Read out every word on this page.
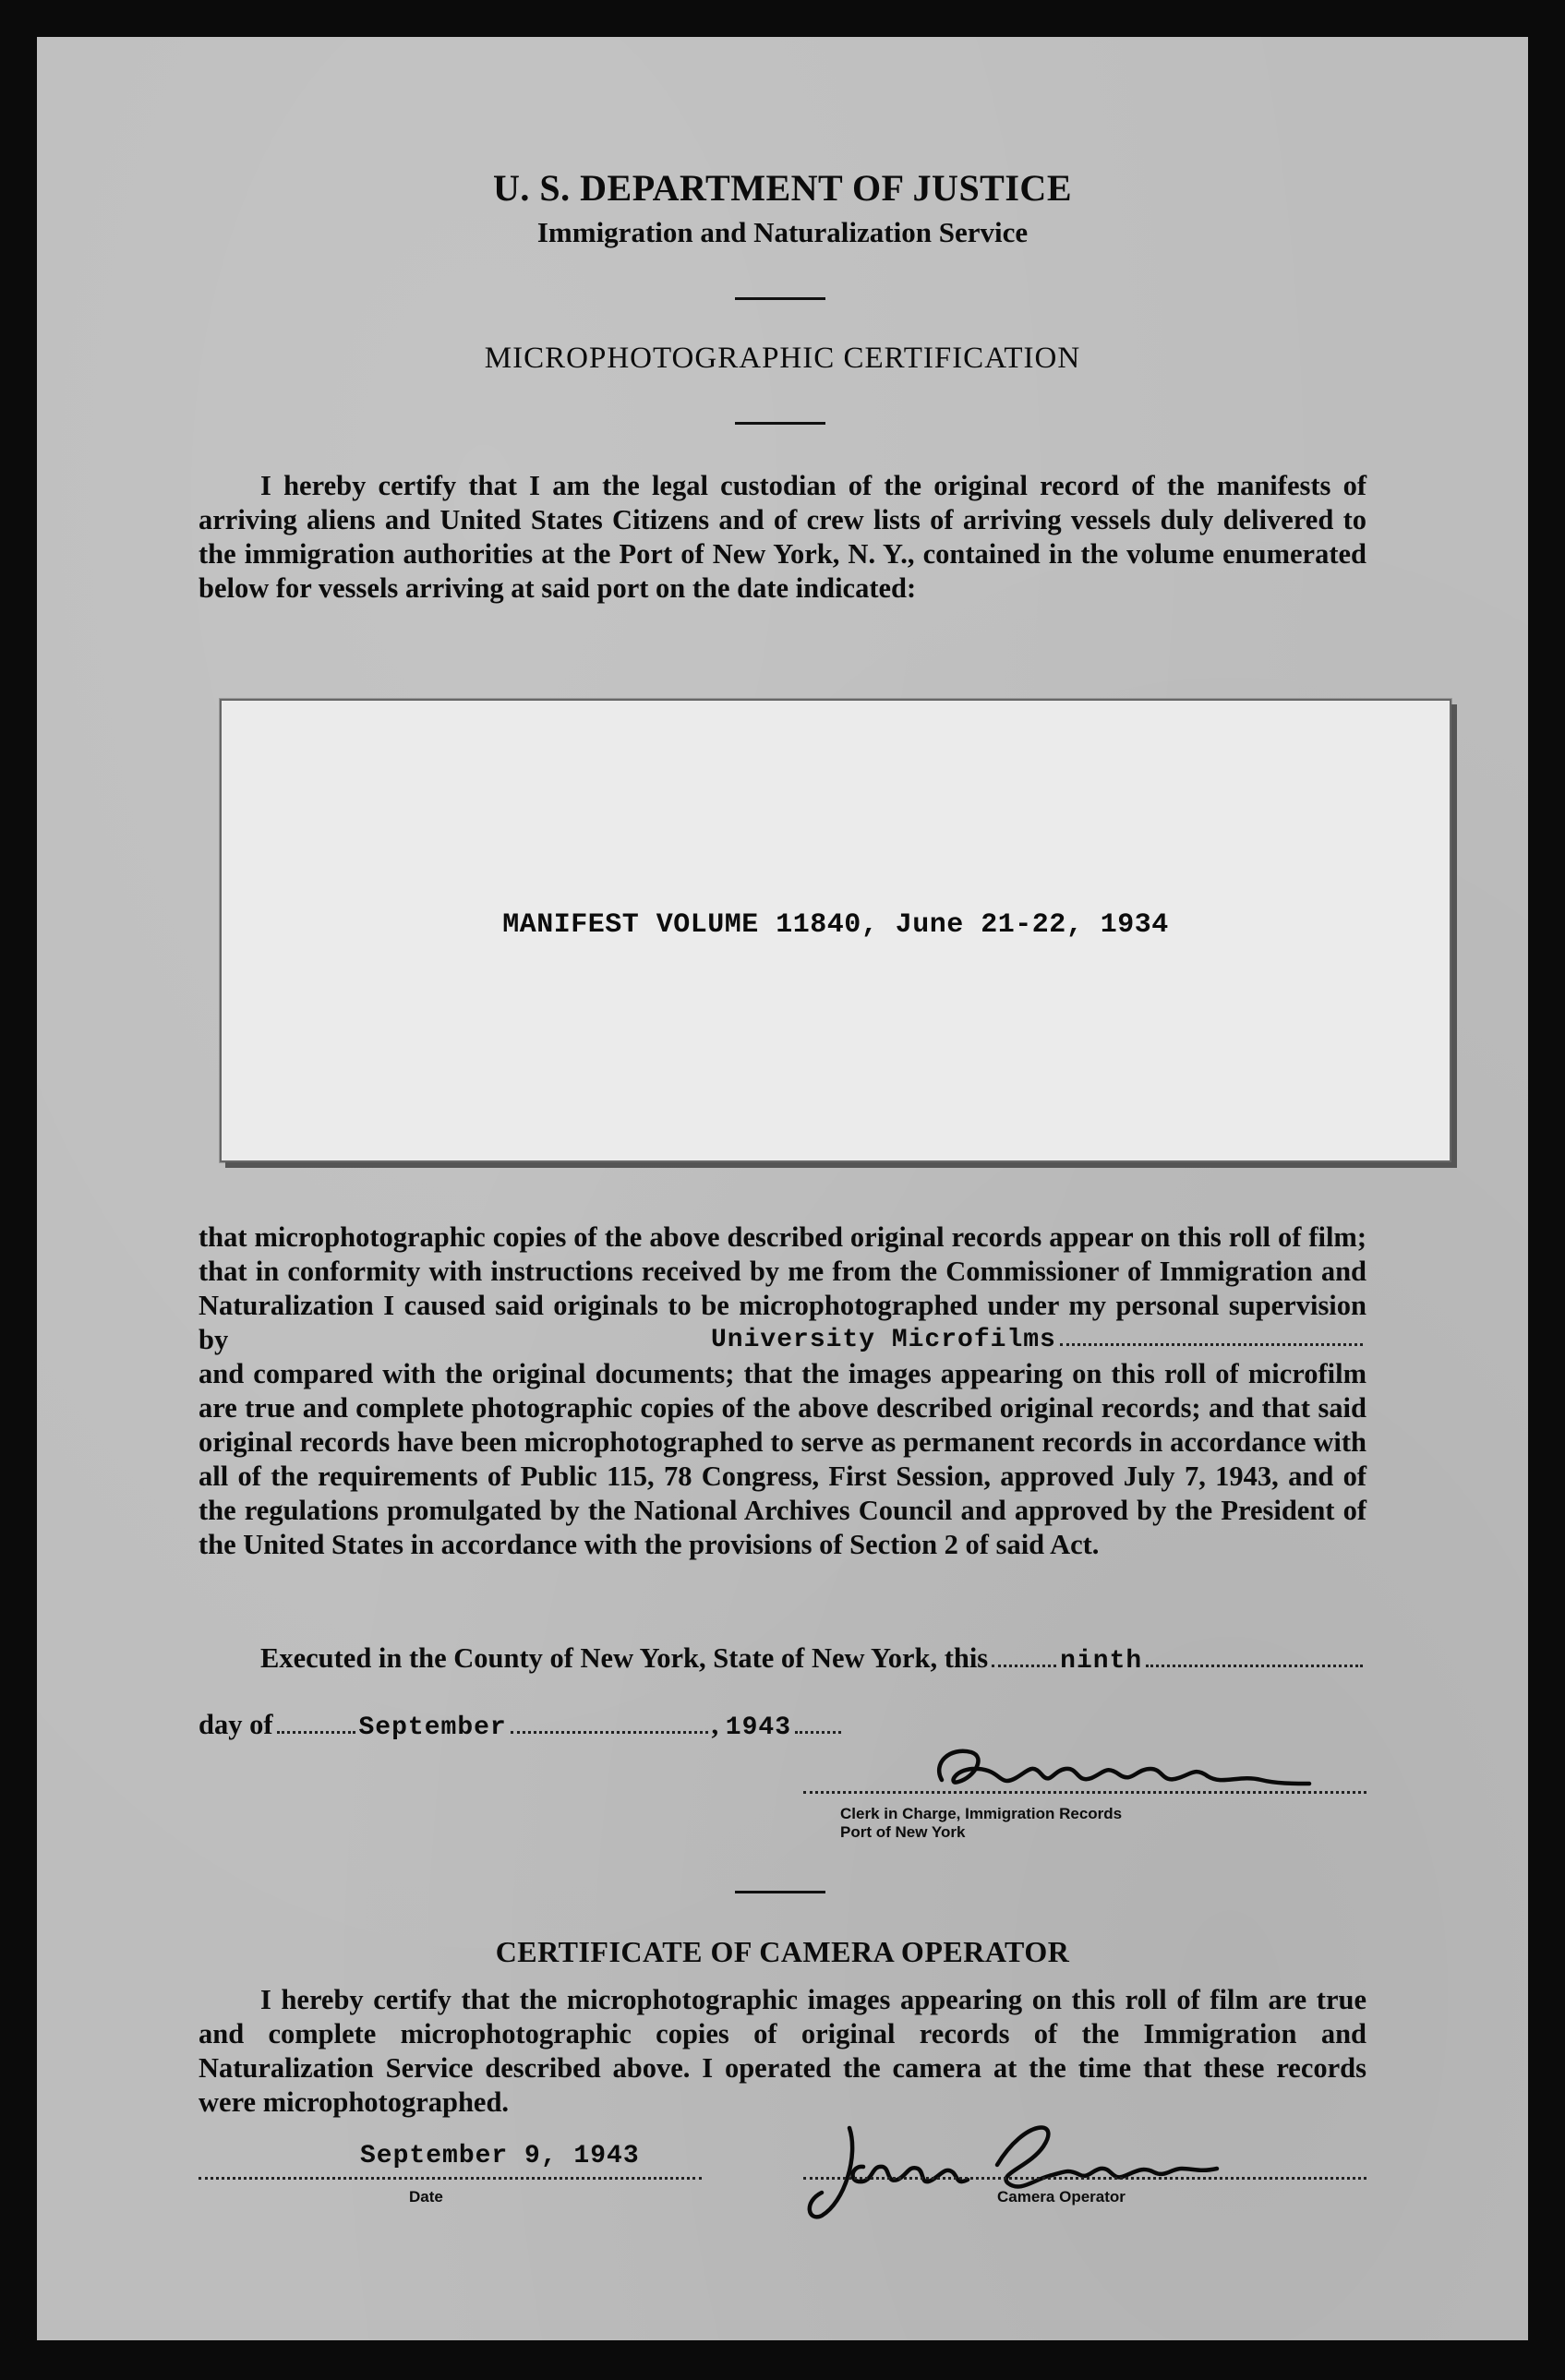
U. S. DEPARTMENT OF JUSTICE
Immigration and Naturalization Service
MICROPHOTOGRAPHIC CERTIFICATION
I hereby certify that I am the legal custodian of the original record of the manifests of arriving aliens and United States Citizens and of crew lists of arriving vessels duly delivered to the immigration authorities at the Port of New York, N. Y., contained in the volume enumerated below for vessels arriving at said port on the date indicated:
MANIFEST VOLUME 11840, June 21-22, 1934
that microphotographic copies of the above described original records appear on this roll of film; that in conformity with instructions received by me from the Commissioner of Immigration and Naturalization I caused said originals to be microphotographed under my personal supervision by	University Microfilms
and compared with the original documents; that the images appearing on this roll of microfilm are true and complete photographic copies of the above described original records; and that said original records have been microphotographed to serve as permanent records in accordance with all of the requirements of Public 115, 78 Congress, First Session, approved July 7, 1943, and of the regulations promulgated by the National Archives Council and approved by the President of the United States in accordance with the provisions of Section 2 of said Act.
Executed in the County of New York, State of New York, this	ninth
day of	September	, 1943
Clerk in Charge, Immigration Records
Port of New York
CERTIFICATE OF CAMERA OPERATOR
I hereby certify that the microphotographic images appearing on this roll of film are true and complete microphotographic copies of original records of the Immigration and Naturalization Service described above. I operated the camera at the time that these records were microphotographed.
September 9, 1943
Date	Camera Operator
